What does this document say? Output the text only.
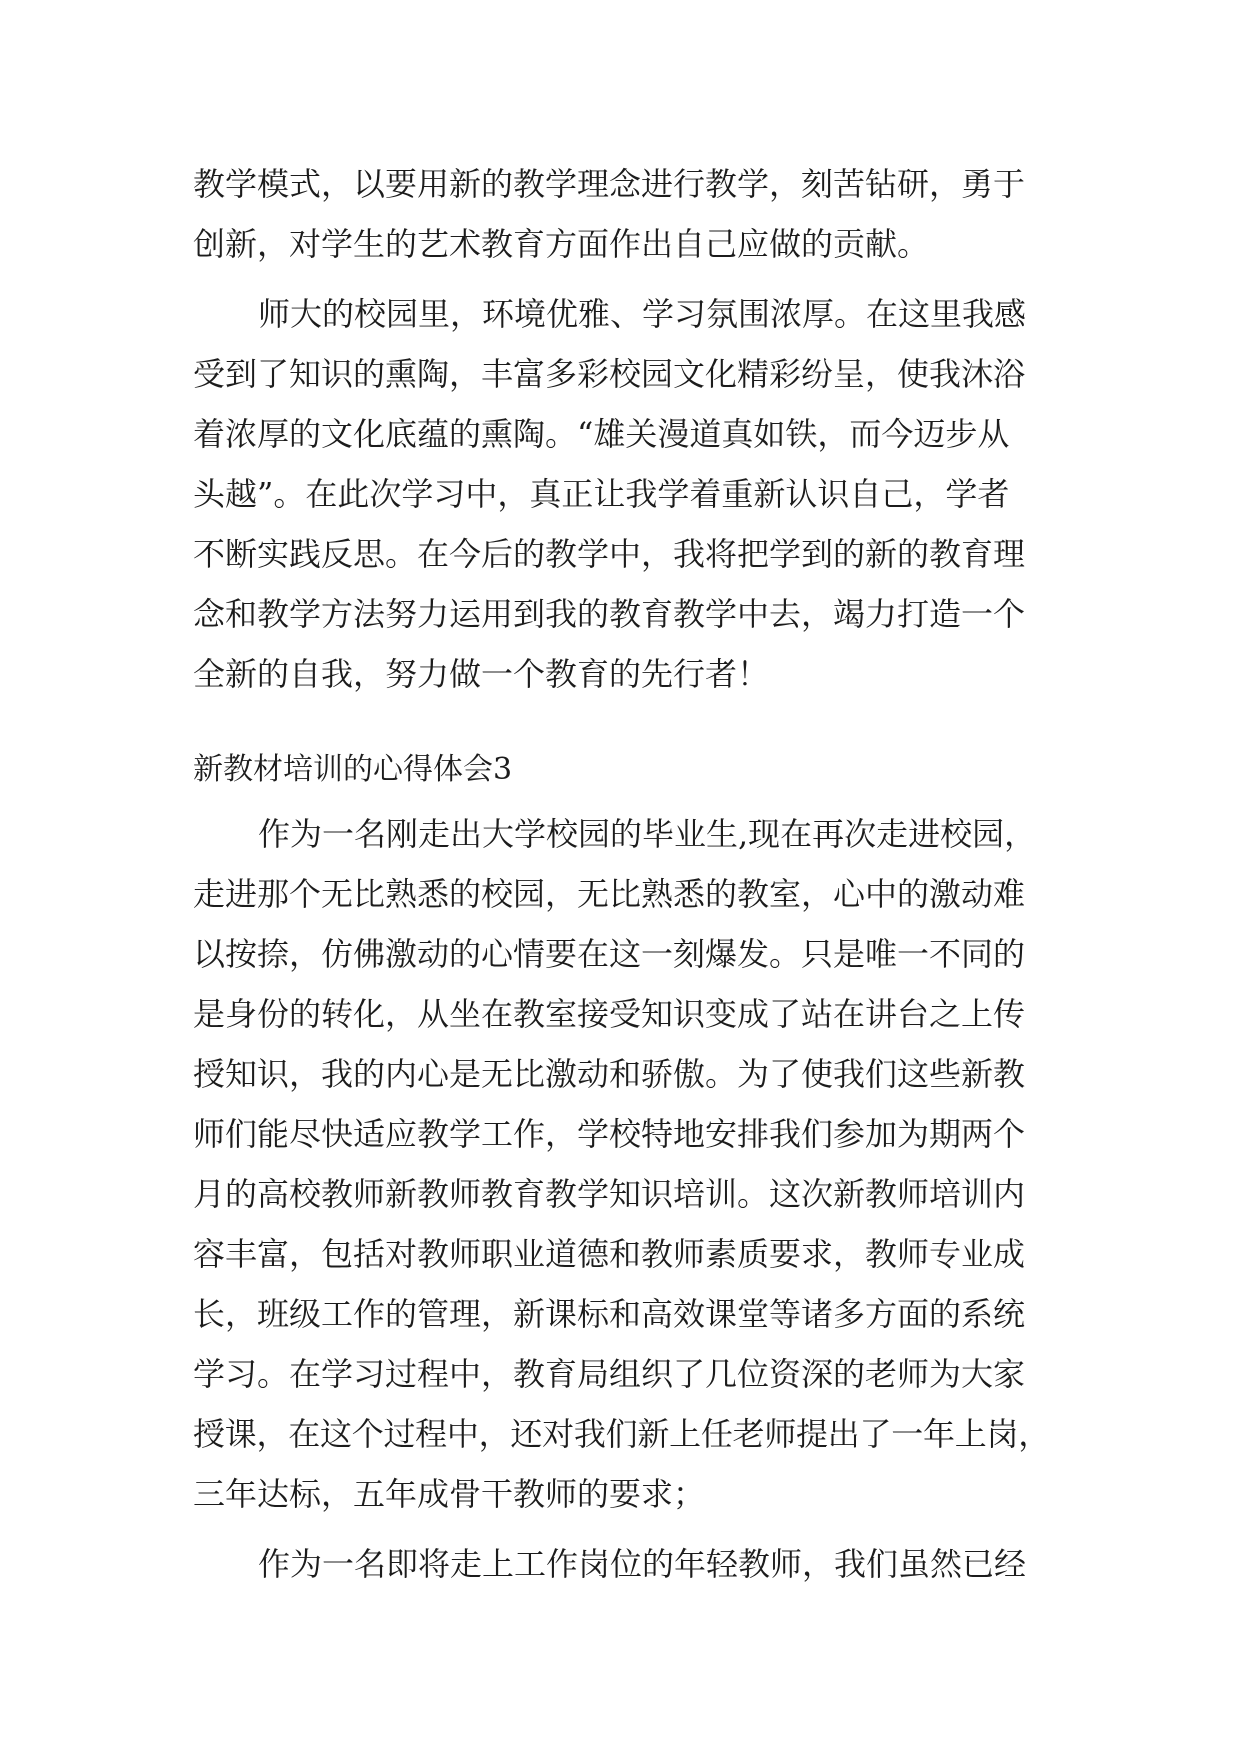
教学模式，以要用新的教学理念进行教学，刻苦钻研，勇于

创新，对学生的艺术教育方面作出自己应做的贡献。

师大的校园里，环境优雅、学习氛围浓厚。在这里我感

受到了知识的熏陶，丰富多彩校园文化精彩纷呈，使我沐浴

着浓厚的文化底蕴的熏陶。“雄关漫道真如铁，而今迈步从

头越”。在此次学习中，真正让我学着重新认识自己，学者

不断实践反思。在今后的教学中，我将把学到的新的教育理

念和教学方法努力运用到我的教育教学中去，竭力打造一个

全新的自我，努力做一个教育的先行者！

新教材培训的心得体会3

作为一名刚走出大学校园的毕业生,现在再次走进校园，

走进那个无比熟悉的校园，无比熟悉的教室，心中的激动难

以按捺，仿佛激动的心情要在这一刻爆发。只是唯一不同的

是身份的转化，从坐在教室接受知识变成了站在讲台之上传

授知识，我的内心是无比激动和骄傲。为了使我们这些新教

师们能尽快适应教学工作，学校特地安排我们参加为期两个

月的高校教师新教师教育教学知识培训。这次新教师培训内

容丰富，包括对教师职业道德和教师素质要求，教师专业成

长，班级工作的管理，新课标和高效课堂等诸多方面的系统

学习。在学习过程中，教育局组织了几位资深的老师为大家

授课，在这个过程中，还对我们新上任老师提出了一年上岗，

三年达标，五年成骨干教师的要求；

作为一名即将走上工作岗位的年轻教师，我们虽然已经
